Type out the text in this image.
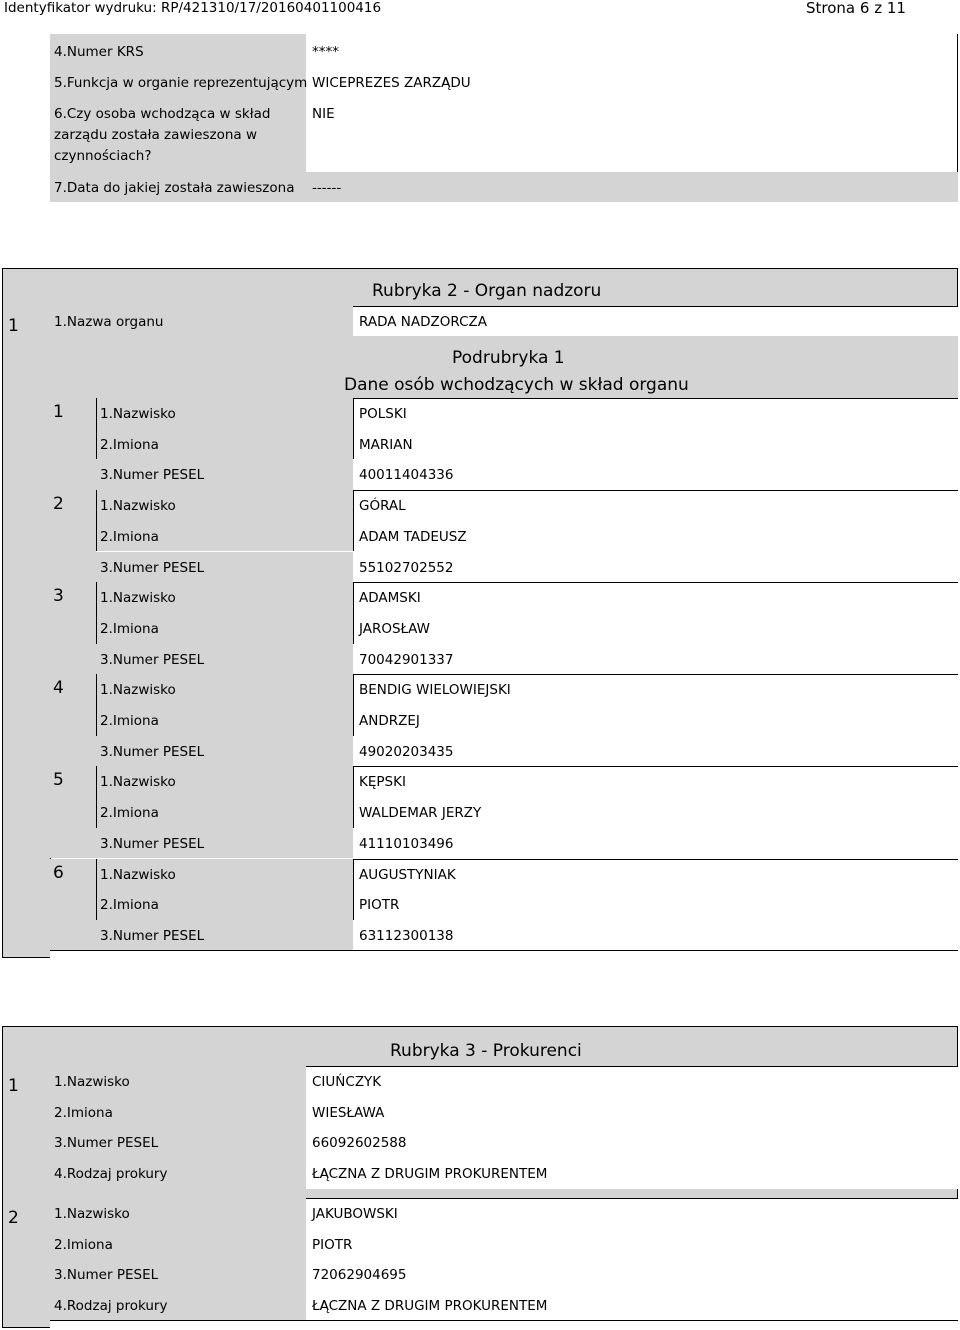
Identyfikator wydruku: RP/421310/17/20160401100416	Strona 6 z 11
4.Numer KRS	****
5.Funkcja w organie reprezentującym WICEPREZES ZARZĄDU
6.Czy osoba wchodząca w skład
zarządu została zawieszona w
czynnościach?
NIE
7.Data do jakiej została zawieszona ------
Rubryka 2 - Organ nadzoru
1	1.Nazwa organu	RADA NADZORCZA
Podrubryka 1
Dane osób wchodzących w skład organu
1	1.Nazwisko	POLSKI
2.Imiona	MARIAN
3.Numer PESEL	40011404336
2	1.Nazwisko	GÓRAL
2.Imiona	ADAM TADEUSZ
3.Numer PESEL	55102702552
3	1.Nazwisko	ADAMSKI
2.Imiona	JAROSŁAW
3.Numer PESEL	70042901337
4	1.Nazwisko	BENDIG WIELOWIEJSKI
2.Imiona	ANDRZEJ
3.Numer PESEL	49020203435
5	1.Nazwisko	KĘPSKI
2.Imiona	WALDEMAR JERZY
3.Numer PESEL	41110103496
6	1.Nazwisko	AUGUSTYNIAK
2.Imiona	PIOTR
3.Numer PESEL	63112300138
Rubryka 3 - Prokurenci
1	1.Nazwisko	CIUŃCZYK
2.Imiona	WIESŁAWA
3.Numer PESEL	66092602588
4.Rodzaj prokury	ŁĄCZNA Z DRUGIM PROKURENTEM
2	1.Nazwisko	JAKUBOWSKI
2.Imiona	PIOTR
3.Numer PESEL	72062904695
4.Rodzaj prokury	ŁĄCZNA Z DRUGIM PROKURENTEM
